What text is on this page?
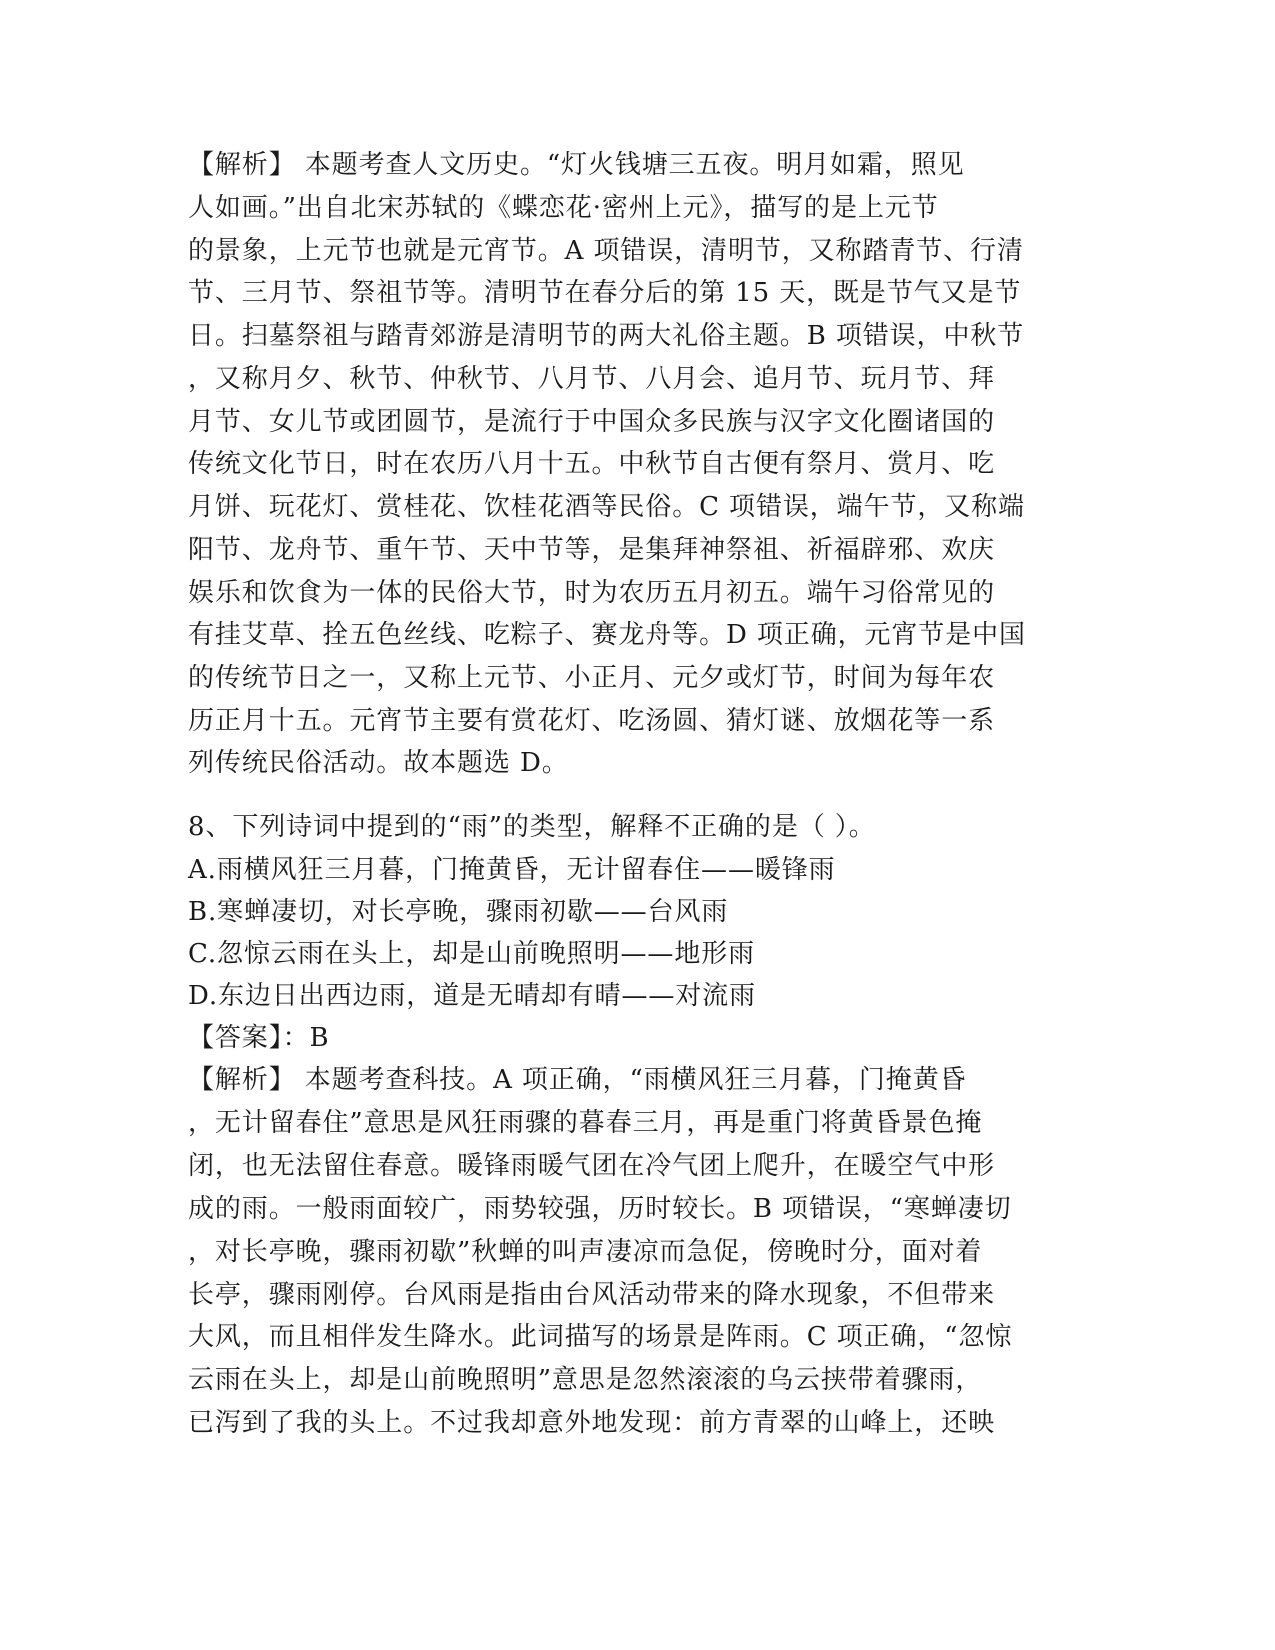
【解析】 本题考查人文历史。“灯火钱塘三五夜。明月如霜，照见
人如画。”出自北宋苏轼的《蝶恋花·密州上元》，描写的是上元节
的景象，上元节也就是元宵节。A 项错误，清明节，又称踏青节、行清
节、三月节、祭祖节等。清明节在春分后的第 15 天，既是节气又是节
日。扫墓祭祖与踏青郊游是清明节的两大礼俗主题。B 项错误，中秋节
，又称月夕、秋节、仲秋节、八月节、八月会、追月节、玩月节、拜
月节、女儿节或团圆节，是流行于中国众多民族与汉字文化圈诸国的
传统文化节日，时在农历八月十五。中秋节自古便有祭月、赏月、吃
月饼、玩花灯、赏桂花、饮桂花酒等民俗。C 项错误，端午节，又称端
阳节、龙舟节、重午节、天中节等，是集拜神祭祖、祈福辟邪、欢庆
娱乐和饮食为一体的民俗大节，时为农历五月初五。端午习俗常见的
有挂艾草、拴五色丝线、吃粽子、赛龙舟等。D 项正确，元宵节是中国
的传统节日之一，又称上元节、小正月、元夕或灯节，时间为每年农
历正月十五。元宵节主要有赏花灯、吃汤圆、猜灯谜、放烟花等一系
列传统民俗活动。故本题选 D。
8、下列诗词中提到的“雨”的类型，解释不正确的是（ ）。
A.雨横风狂三月暮，门掩黄昏，无计留春住——暖锋雨
B.寒蝉凄切，对长亭晚，骤雨初歇——台风雨
C.忽惊云雨在头上，却是山前晚照明——地形雨
D.东边日出西边雨，道是无晴却有晴——对流雨
【答案】：B
【解析】 本题考查科技。A 项正确，“雨横风狂三月暮，门掩黄昏
，无计留春住”意思是风狂雨骤的暮春三月，再是重门将黄昏景色掩
闭，也无法留住春意。暖锋雨暖气团在冷气团上爬升，在暖空气中形
成的雨。一般雨面较广，雨势较强，历时较长。B 项错误，“寒蝉凄切
，对长亭晚，骤雨初歇”秋蝉的叫声凄凉而急促，傍晚时分，面对着
长亭，骤雨刚停。台风雨是指由台风活动带来的降水现象，不但带来
大风，而且相伴发生降水。此词描写的场景是阵雨。C 项正确，“忽惊
云雨在头上，却是山前晚照明”意思是忽然滚滚的乌云挟带着骤雨，
已泻到了我的头上。不过我却意外地发现：前方青翠的山峰上，还映
